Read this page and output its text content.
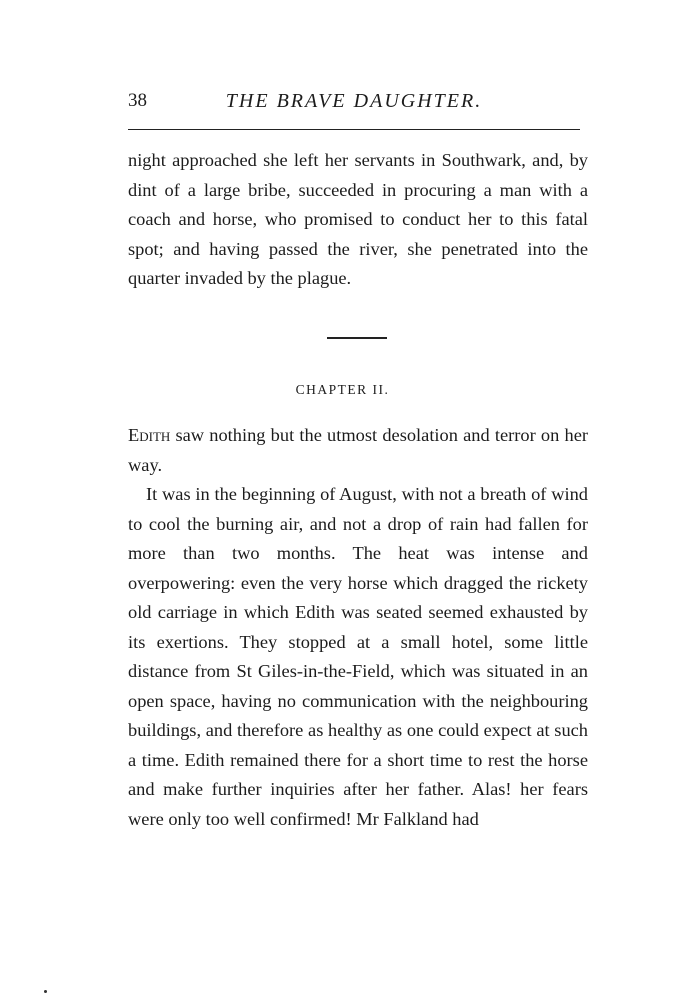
38	THE BRAVE DAUGHTER.

night approached she left her servants in Southwark, and, by dint of a large bribe, succeeded in procuring a man with a coach and horse, who promised to conduct her to this fatal spot; and having passed the river, she penetrated into the quarter invaded by the plague.

CHAPTER II.

Edith saw nothing but the utmost desolation and terror on her way.

It was in the beginning of August, with not a breath of wind to cool the burning air, and not a drop of rain had fallen for more than two months. The heat was intense and overpowering: even the very horse which dragged the rickety old carriage in which Edith was seated seemed exhausted by its exertions. They stopped at a small hotel, some little distance from St Giles-in-the-Field, which was situated in an open space, having no communication with the neighbouring buildings, and therefore as healthy as one could expect at such a time. Edith remained there for a short time to rest the horse and make further inquiries after her father. Alas! her fears were only too well confirmed! Mr Falkland had
